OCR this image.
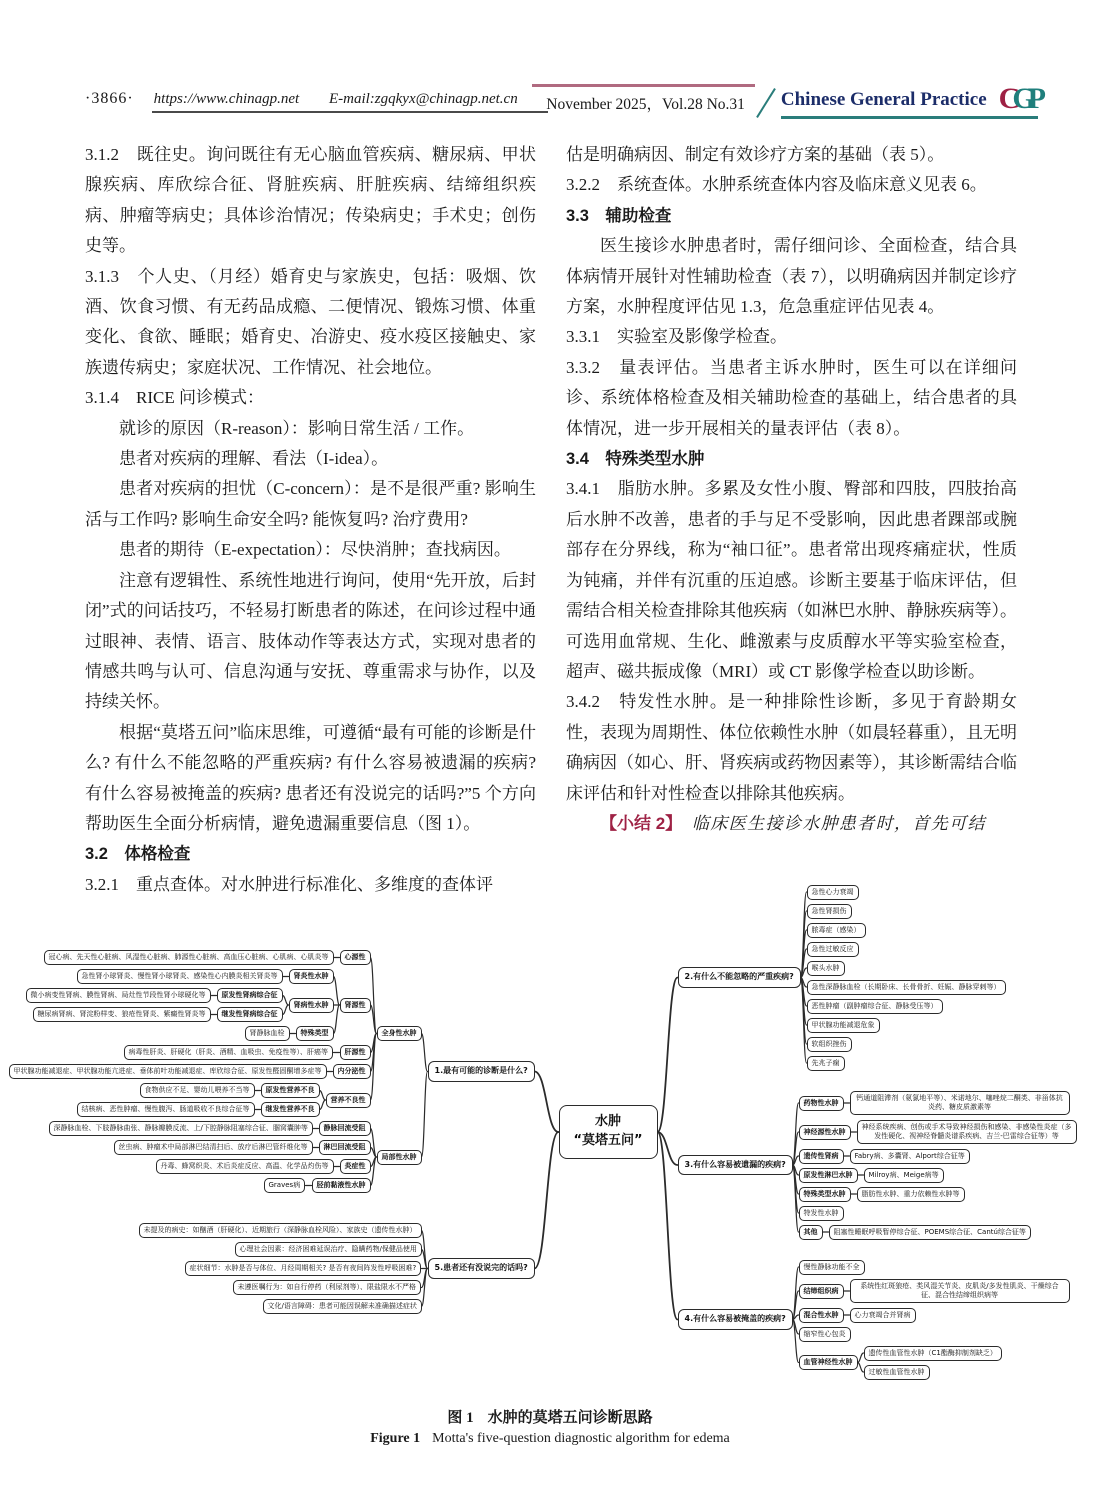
·3866· https://www.chinagp.net E-mail:zgqkyx@chinagp.net.cn	November 2025，Vol.28 No.31 Chinese General Practice CGP

3.1.2　既往史。询问既往有无心脑血管疾病、糖尿病、甲状腺疾病、库欣综合征、肾脏疾病、肝脏疾病、结缔组织疾病、肿瘤等病史；具体诊治情况；传染病史；手术史；创伤史等。

3.1.3　个人史、（月经）婚育史与家族史，包括：吸烟、饮酒、饮食习惯、有无药品成瘾、二便情况、锻炼习惯、体重变化、食欲、睡眠；婚育史、冶游史、疫水疫区接触史、家族遗传病史；家庭状况、工作情况、社会地位。

3.1.4　RICE 问诊模式：

就诊的原因（R-reason）：影响日常生活 / 工作。

患者对疾病的理解、看法（I-idea）。

患者对疾病的担忧（C-concern）：是不是很严重? 影响生活与工作吗? 影响生命安全吗? 能恢复吗? 治疗费用?

患者的期待（E-expectation）：尽快消肿；查找病因。

注意有逻辑性、系统性地进行询问，使用“先开放，后封闭”式的问话技巧，不轻易打断患者的陈述，在问诊过程中通过眼神、表情、语言、肢体动作等表达方式，实现对患者的情感共鸣与认可、信息沟通与安抚、尊重需求与协作，以及持续关怀。

根据“莫塔五问”临床思维，可遵循“最有可能的诊断是什么? 有什么不能忽略的严重疾病? 有什么容易被遗漏的疾病? 有什么容易被掩盖的疾病? 患者还有没说完的话吗?”5 个方向帮助医生全面分析病情，避免遗漏重要信息（图 1）。

3.2　体格检查

3.2.1　重点查体。对水肿进行标准化、多维度的查体评

估是明确病因、制定有效诊疗方案的基础（表 5）。

3.2.2　系统查体。水肿系统查体内容及临床意义见表 6。

3.3　辅助检查

医生接诊水肿患者时，需仔细问诊、全面检查，结合具体病情开展针对性辅助检查（表 7），以明确病因并制定诊疗方案，水肿程度评估见 1.3，危急重症评估见表 4。

3.3.1　实验室及影像学检查。

3.3.2　量表评估。当患者主诉水肿时，医生可以在详细问诊、系统体格检查及相关辅助检查的基础上，结合患者的具体情况，进一步开展相关的量表评估（表 8）。

3.4　特殊类型水肿

3.4.1　脂肪水肿。多累及女性小腹、臀部和四肢，四肢抬高后水肿不改善，患者的手与足不受影响，因此患者踝部或腕部存在分界线，称为“袖口征”。患者常出现疼痛症状，性质为钝痛，并伴有沉重的压迫感。诊断主要基于临床评估，但需结合相关检查排除其他疾病（如淋巴水肿、静脉疾病等）。可选用血常规、生化、雌激素与皮质醇水平等实验室检查，超声、磁共振成像（MRI）或 CT 影像学检查以助诊断。

3.4.2　特发性水肿。是一种排除性诊断，多见于育龄期女性，表现为周期性、体位依赖性水肿（如晨轻暮重），且无明确病因（如心、肝、肾疾病或药物因素等），其诊断需结合临床评估和针对性检查以排除其他疾病。

【小结 2】　临床医生接诊水肿患者时，首先可结

水肿
“莫塔五问”
1.最有可能的诊断是什么?
全身性水肿
心源性
冠心病、先天性心脏病、风湿性心脏病、肺源性心脏病、高血压心脏病、心肌病、心肌炎等
肾源性
肾炎性水肿
急性肾小球肾炎、慢性肾小球肾炎、感染性心内膜炎相关肾炎等
肾病性水肿
原发性肾病综合征
微小病变性肾病、膜性肾病、局灶性节段性肾小球硬化等
继发性肾病综合征
糖尿病肾病、肾淀粉样变、狼疮性肾炎、紫癜性肾炎等
特殊类型
肾静脉血栓
肝源性
病毒性肝炎、肝硬化（肝炎、酒精、血吸虫、免疫性等）、肝癌等
内分泌性
甲状腺功能减退症、甲状腺功能亢进症、垂体前叶功能减退症、库欣综合征、原发性醛固酮增多症等
营养不良性
原发性营养不良
食物供应不足、婴幼儿喂养不当等
继发性营养不良
结核病、恶性肿瘤、慢性腹泻、肠道吸收不良综合征等
局部性水肿
静脉回流受阻
深静脉血栓、下肢静脉曲张、静脉瓣膜反流、上/下腔静脉阻塞综合征、腘窝囊肿等
淋巴回流受阻
丝虫病、肿瘤术中局部淋巴结清扫后、放疗后淋巴管纤维化等
炎症性
丹毒、蜂窝织炎、术后炎症反应、高温、化学品灼伤等
胫前黏液性水肿
Graves病
5.患者还有没说完的话吗?
未提及的病史：如酗酒（肝硬化）、近期旅行（深静脉血栓风险）、家族史（遗传性水肿）
心理社会因素：经济困难延误治疗、隐瞒药物/保健品使用
症状细节：水肿是否与体位、月经周期相关? 是否有夜间阵发性呼吸困难?
未遵医嘱行为：如自行停药（利尿剂等）、限盐限水不严格
文化/语言障碍：患者可能因误解未准确描述症状
2.有什么不能忽略的严重疾病?
急性心力衰竭
急性肾损伤
脓毒症（感染）
急性过敏反应
喉头水肿
急性深静脉血栓（长期卧床、长骨骨折、妊娠、静脉穿刺等）
恶性肿瘤（副肿瘤综合征、静脉受压等）
甲状腺功能减退危象
软组织挫伤
先兆子痫
3.有什么容易被遗漏的疾病?
药物性水肿
钙通道阻滞剂（氨氯地平等）、米诺地尔、噻唑烷二酮类、非甾体抗炎药、糖皮质激素等
神经源性水肿
神经系统疾病、创伤或手术导致神经损伤和感染、非感染性炎症（多发性硬化、视神经脊髓炎谱系疾病、吉兰-巴雷综合征等）等
遗传性肾病	Fabry病、多囊肾、Alport综合征等
原发性淋巴水肿	Milroy病、Meige病等
特殊类型水肿	脂肪性水肿、重力依赖性水肿等
特发性水肿
其他	阻塞性睡眠呼吸暂停综合征、POEMS综合征、Cantú综合征等
4.有什么容易被掩盖的疾病?
慢性静脉功能不全
结缔组织病
系统性红斑狼疮、类风湿关节炎、皮肌炎/多发性肌炎、干燥综合征、混合性结缔组织病等
混合性水肿	心力衰竭合并肾病
缩窄性心包炎
血管神经性水肿
遗传性血管性水肿（C1酯酶抑制剂缺乏）
过敏性血管性水肿
图 1 水肿的莫塔五问诊断思路
Figure 1 Motta's five-question diagnostic algorithm for edema
